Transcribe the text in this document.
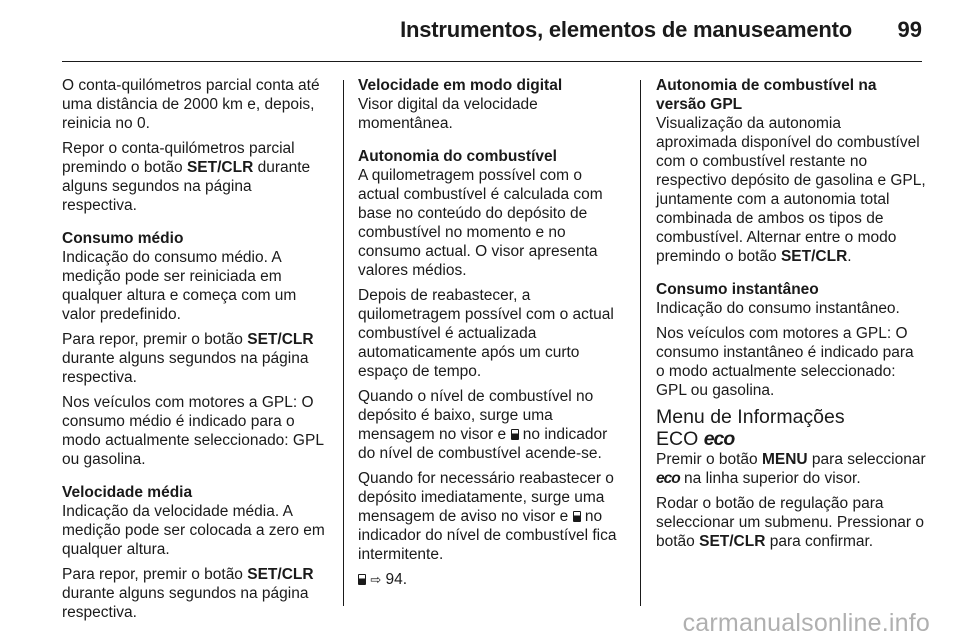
Instrumentos, elementos de manuseamento 99

O conta-quilómetros parcial conta até uma distância de 2000 km e, depois, reinicia no 0.

Repor o conta-quilómetros parcial premindo o botão SET/CLR durante alguns segundos na página respectiva.

Consumo médio

Indicação do consumo médio. A medição pode ser reiniciada em qualquer altura e começa com um valor predefinido.

Para repor, premir o botão SET/CLR durante alguns segundos na página respectiva.

Nos veículos com motores a GPL: O consumo médio é indicado para o modo actualmente seleccionado: GPL ou gasolina.

Velocidade média

Indicação da velocidade média. A medição pode ser colocada a zero em qualquer altura.

Para repor, premir o botão SET/CLR durante alguns segundos na página respectiva.

Velocidade em modo digital

Visor digital da velocidade momentânea.

Autonomia do combustível

A quilometragem possível com o actual combustível é calculada com base no conteúdo do depósito de combustível no momento e no consumo actual. O visor apresenta valores médios.

Depois de reabastecer, a quilometragem possível com o actual combustível é actualizada automaticamente após um curto espaço de tempo.

Quando o nível de combustível no depósito é baixo, surge uma mensagem no visor e  no indicador do nível de combustível acende-se.

Quando for necessário reabastecer o depósito imediatamente, surge uma mensagem de aviso no visor e  no indicador do nível de combustível fica intermitente.

⇨ 94.

Autonomia de combustível na versão GPL

Visualização da autonomia aproximada disponível do combustível com o combustível restante no respectivo depósito de gasolina e GPL, juntamente com a autonomia total combinada de ambos os tipos de combustível. Alternar entre o modo premindo o botão SET/CLR.

Consumo instantâneo

Indicação do consumo instantâneo.

Nos veículos com motores a GPL: O consumo instantâneo é indicado para o modo actualmente seleccionado: GPL ou gasolina.

Menu de Informações
ECO eco

Premir o botão MENU para seleccionar eco na linha superior do visor.

Rodar o botão de regulação para seleccionar um submenu. Pressionar o botão SET/CLR para confirmar.

carmanualsonline.info
